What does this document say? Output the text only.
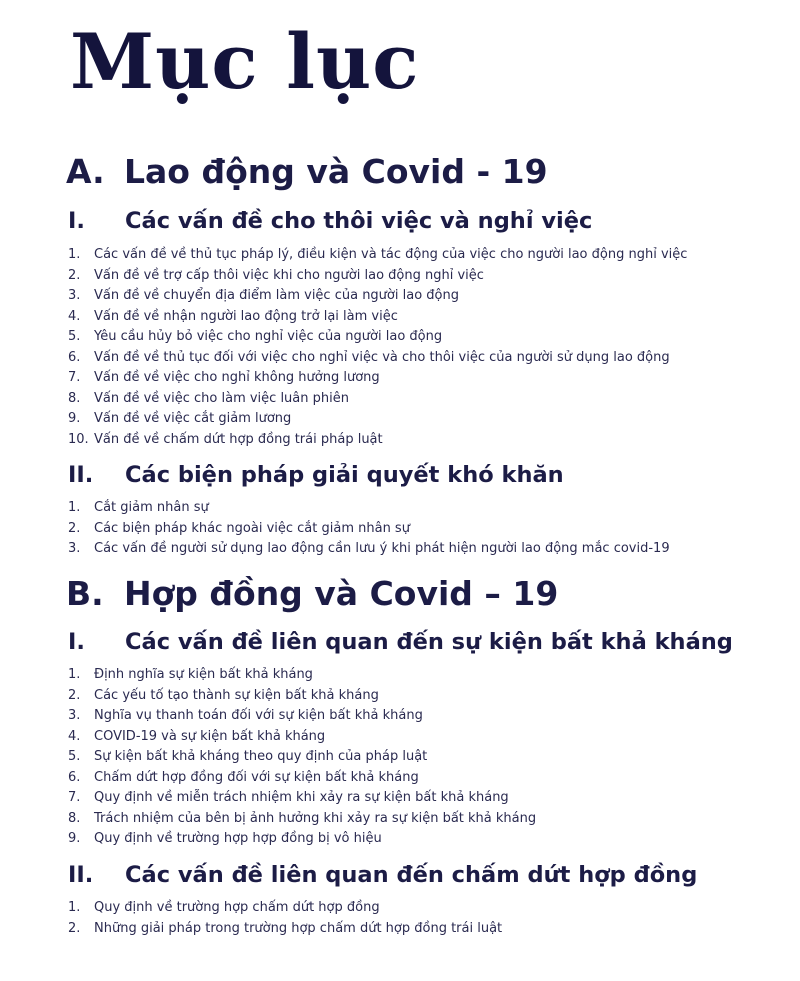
Mục lục
A. Lao động và Covid - 19
I. Các vấn đề cho thôi việc và nghỉ việc
1. Các vấn đề về thủ tục pháp lý, điều kiện và tác động của việc cho người lao động nghỉ việc
2. Vấn đề về trợ cấp thôi việc khi cho người lao động nghỉ việc
3. Vấn đề về chuyển địa điểm làm việc của người lao động
4. Vấn đề về nhận người lao động trở lại làm việc
5. Yêu cầu hủy bỏ việc cho nghỉ việc của người lao động
6. Vấn đề về thủ tục đối với việc cho nghỉ việc và cho thôi việc của người sử dụng lao động
7. Vấn đề về việc cho nghỉ không hưởng lương
8. Vấn đề về việc cho làm việc luân phiên
9. Vấn đề về việc cắt giảm lương
10. Vấn đề về chấm dứt hợp đồng trái pháp luật
II. Các biện pháp giải quyết khó khăn
1. Cắt giảm nhân sự
2. Các biện pháp khác ngoài việc cắt giảm nhân sự
3. Các vấn đề người sử dụng lao động cần lưu ý khi phát hiện người lao động mắc covid-19
B. Hợp đồng và Covid – 19
I. Các vấn đề liên quan đến sự kiện bất khả kháng
1. Định nghĩa sự kiện bất khả kháng
2. Các yếu tố tạo thành sự kiện bất khả kháng
3. Nghĩa vụ thanh toán đối với sự kiện bất khả kháng
4. COVID-19 và sự kiện bất khả kháng
5. Sự kiện bất khả kháng theo quy định của pháp luật
6. Chấm dứt hợp đồng đối với sự kiện bất khả kháng
7. Quy định về miễn trách nhiệm khi xảy ra sự kiện bất khả kháng
8. Trách nhiệm của bên bị ảnh hưởng khi xảy ra sự kiện bất khả kháng
9. Quy định về trường hợp hợp đồng bị vô hiệu
II. Các vấn đề liên quan đến chấm dứt hợp đồng
1. Quy định về trường hợp chấm dứt hợp đồng
2. Những giải pháp trong trường hợp chấm dứt hợp đồng trái luật
